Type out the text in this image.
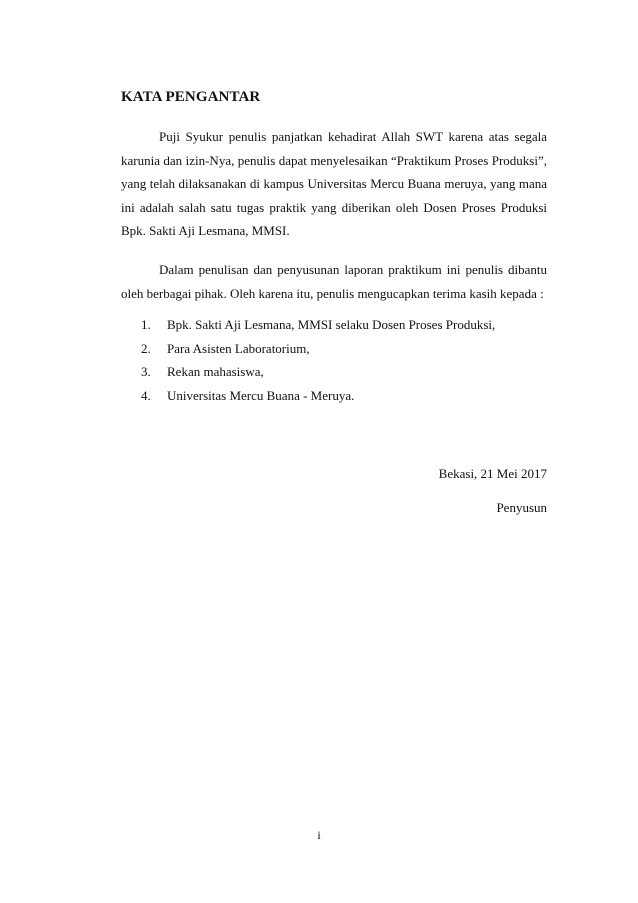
KATA PENGANTAR

Puji Syukur penulis panjatkan kehadirat Allah SWT karena atas segala karunia dan izin-Nya, penulis dapat menyelesaikan “Praktikum Proses Produksi”, yang telah dilaksanakan di kampus Universitas Mercu Buana meruya, yang mana ini adalah salah satu tugas praktik yang diberikan oleh Dosen Proses Produksi Bpk. Sakti Aji Lesmana, MMSI.

Dalam penulisan dan penyusunan laporan praktikum ini penulis dibantu oleh berbagai pihak. Oleh karena itu, penulis mengucapkan terima kasih kepada :

1.	Bpk. Sakti Aji Lesmana, MMSI selaku Dosen Proses Produksi,
2.	Para Asisten Laboratorium,
3.	Rekan mahasiswa,
4.	Universitas Mercu Buana - Meruya.
Bekasi, 21 Mei 2017
Penyusun
i
